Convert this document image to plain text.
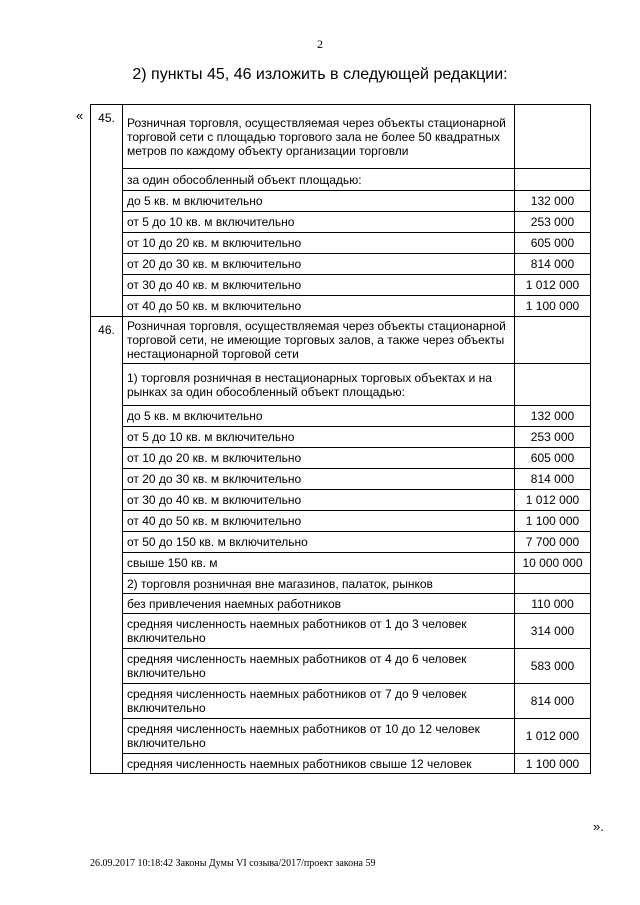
2
2) пункты 45, 46 изложить в следующей редакции:
«
».
45.	Розничная торговля, осуществляемая через объекты стационарной торговой сети с площадью торгового зала не более 50 квадратных метров по каждому объекту организации торговли	
	за один обособленный объект площадью:	
	до 5 кв. м включительно	132 000
	от 5 до 10 кв. м включительно	253 000
	от 10 до 20 кв. м включительно	605 000
	от 20 до 30 кв. м включительно	814 000
	от 30 до 40 кв. м включительно	1 012 000
	от 40 до 50 кв. м включительно	1 100 000
46.	Розничная торговля, осуществляемая через объекты стационарной торговой сети, не имеющие торговых залов, а также через объекты нестационарной торговой сети	
	1) торговля розничная в нестационарных торговых объектах и на рынках за один обособленный объект площадью:	
	до 5 кв. м включительно	132 000
	от 5 до 10 кв. м включительно	253 000
	от 10 до 20 кв. м включительно	605 000
	от 20 до 30 кв. м включительно	814 000
	от 30 до 40 кв. м включительно	1 012 000
	от 40 до 50 кв. м включительно	1 100 000
	от 50 до 150 кв. м включительно	7 700 000
	свыше 150 кв. м	10 000 000
	2) торговля розничная вне магазинов, палаток, рынков	
	без привлечения наемных работников	110 000
	средняя численность наемных работников от 1 до 3 человек включительно	314 000
	средняя численность наемных работников от 4 до 6 человек включительно	583 000
	средняя численность наемных работников от 7 до 9 человек включительно	814 000
	средняя численность наемных работников от 10 до 12 человек включительно	1 012 000
	средняя численность наемных работников свыше 12 человек	1 100 000
26.09.2017 10:18:42 Законы Думы VI созыва/2017/проект закона 59
